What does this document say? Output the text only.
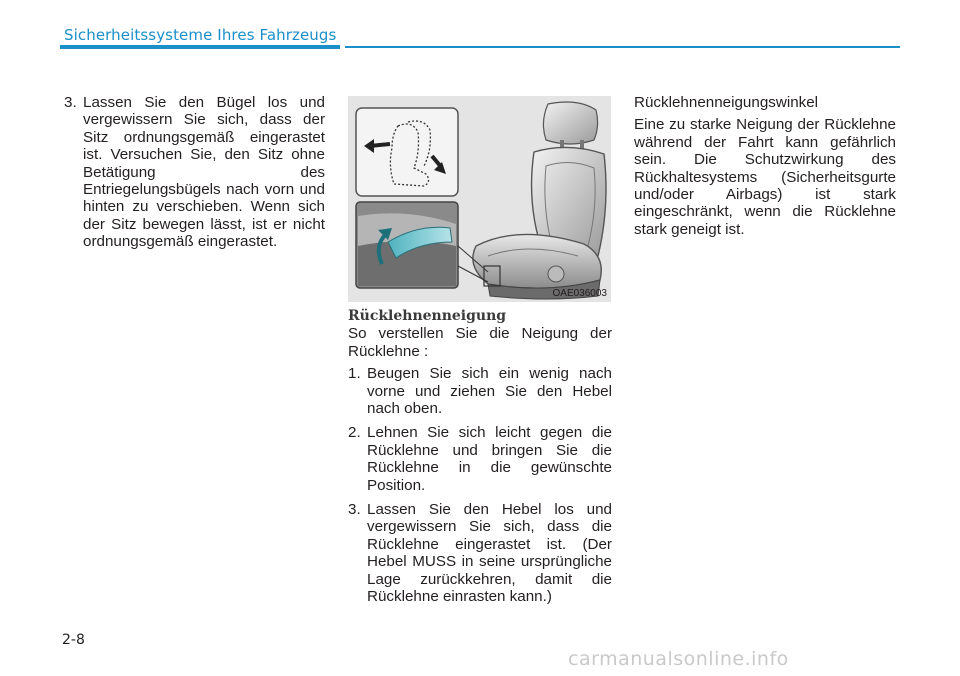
Sicherheitssysteme Ihres Fahrzeugs
3. Lassen Sie den Bügel los und vergewissern Sie sich, dass der Sitz ordnungsgemäß eingerastet ist. Versuchen Sie, den Sitz ohne Betätigung des Entriegelungsbügels nach vorn und hinten zu verschieben. Wenn sich der Sitz bewegen lässt, ist er nicht ordnungsgemäß eingerastet.
OAE036003

Rücklehnenneigung

So verstellen Sie die Neigung der Rücklehne :

1. Beugen Sie sich ein wenig nach vorne und ziehen Sie den Hebel nach oben.
2. Lehnen Sie sich leicht gegen die Rücklehne und bringen Sie die Rücklehne in die gewünschte Position.
3. Lassen Sie den Hebel los und vergewissern Sie sich, dass die Rücklehne eingerastet ist. (Der Hebel MUSS in seine ursprüngliche Lage zurückkehren, damit die Rücklehne einrasten kann.)

Rücklehnenneigungswinkel

Eine zu starke Neigung der Rücklehne während der Fahrt kann gefährlich sein. Die Schutzwirkung des Rückhaltesystems (Sicherheitsgurte und/oder Airbags) ist stark eingeschränkt, wenn die Rücklehne stark geneigt ist.

2-8
carmanualsonline.info
